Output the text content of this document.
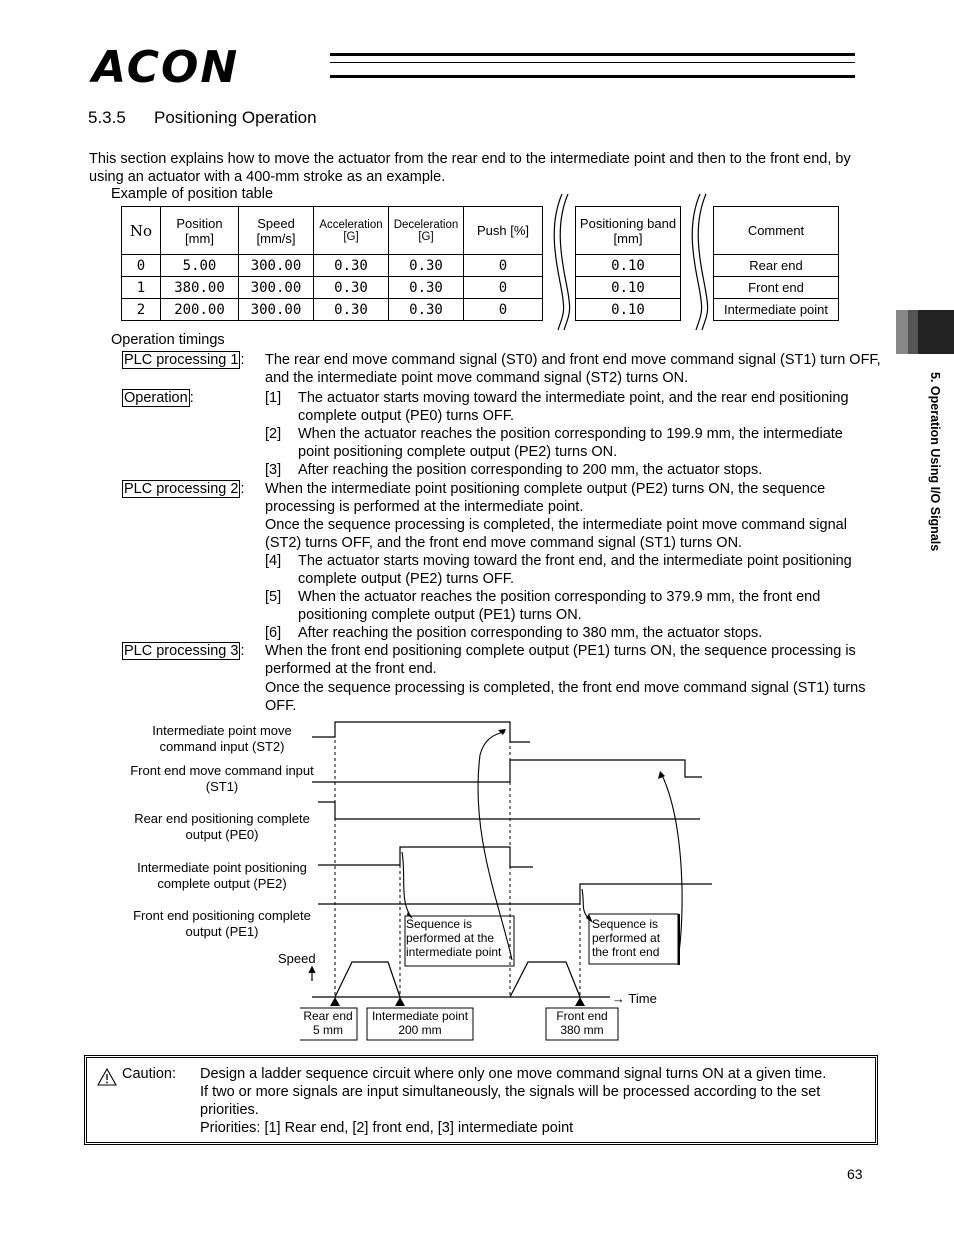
ACON
5.3.5 Positioning Operation
This section explains how to move the actuator from the rear end to the intermediate point and then to the front end, by using an actuator with a 400-mm stroke as an example.
Example of position table
No	Position [mm]	Speed [mm/s]	Acceleration [G]	Deceleration [G]	Push [%]		Positioning band [mm]		Comment
0	5.00	300.00	0.30	0.30	0		0.10		Rear end
1	380.00	300.00	0.30	0.30	0		0.10		Front end
2	200.00	300.00	0.30	0.30	0		0.10		Intermediate point
5. Operation Using I/O Signals
Operation timings
PLC processing 1 : The rear end move command signal (ST0) and front end move command signal (ST1) turn OFF, and the intermediate point move command signal (ST2) turns ON.
Operation :	[1] The actuator starts moving toward the intermediate point, and the rear end positioning complete output (PE0) turns OFF.
[2] When the actuator reaches the position corresponding to 199.9 mm, the intermediate point positioning complete output (PE2) turns ON.
[3] After reaching the position corresponding to 200 mm, the actuator stops.
PLC processing 2 : When the intermediate point positioning complete output (PE2) turns ON, the sequence processing is performed at the intermediate point.
Once the sequence processing is completed, the intermediate point move command signal (ST2) turns OFF, and the front end move command signal (ST1) turns ON.
[4] The actuator starts moving toward the front end, and the intermediate point positioning complete output (PE2) turns OFF.
[5] When the actuator reaches the position corresponding to 379.9 mm, the front end positioning complete output (PE1) turns ON.
[6] After reaching the position corresponding to 380 mm, the actuator stops.
PLC processing 3 : When the front end positioning complete output (PE1) turns ON, the sequence processing is performed at the front end.
Once the sequence processing is completed, the front end move command signal (ST1) turns OFF.
Intermediate point move command input (ST2)
Front end move command input (ST1)
Rear end positioning complete output (PE0)
Intermediate point positioning complete output (PE2)
Front end positioning complete output (PE1)
Speed
→ Time
Sequence is performed at the intermediate point
Sequence is performed at the front end
Rear end 5 mm
Intermediate point 200 mm
Front end 380 mm
Caution: Design a ladder sequence circuit where only one move command signal turns ON at a given time.
If two or more signals are input simultaneously, the signals will be processed according to the set priorities.
Priorities: [1] Rear end, [2] front end, [3] intermediate point
63
